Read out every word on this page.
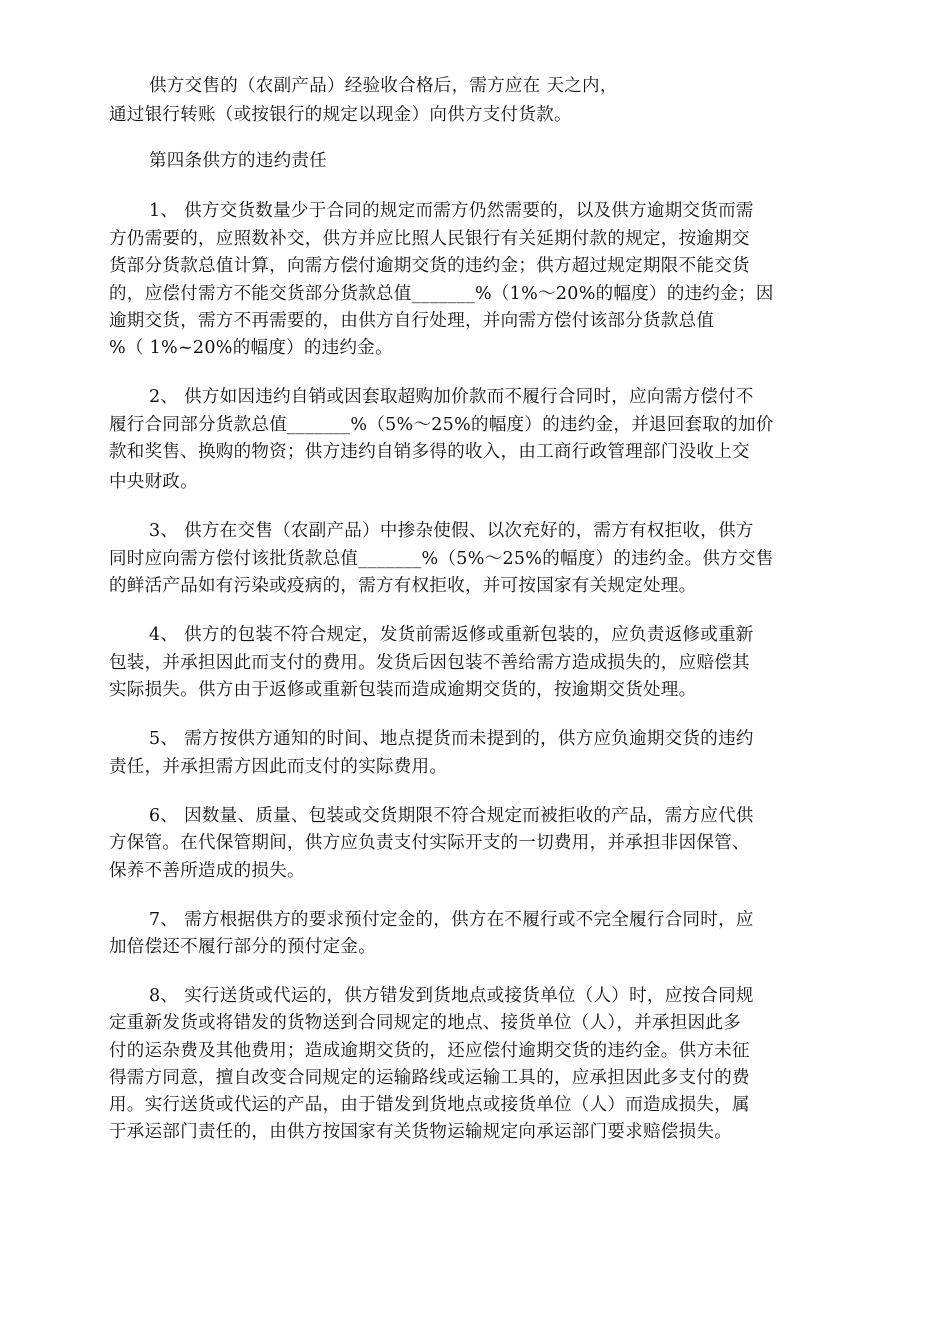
供方交售的（农副产品）经验收合格后，需方应在 天之内，
通过银行转账（或按银行的规定以现金）向供方支付货款。
第四条供方的违约责任
1、 供方交货数量少于合同的规定而需方仍然需要的，以及供方逾期交货而需
方仍需要的，应照数补交，供方并应比照人民银行有关延期付款的规定，按逾期交
货部分货款总值计算，向需方偿付逾期交货的违约金；供方超过规定期限不能交货
的，应偿付需方不能交货部分货款总值_______%（1%～20%的幅度）的违约金；因
逾期交货，需方不再需要的，由供方自行处理，并向需方偿付该部分货款总值
%（ 1%~20%的幅度）的违约金。
2、 供方如因违约自销或因套取超购加价款而不履行合同时，应向需方偿付不
履行合同部分货款总值_______%（5%～25%的幅度）的违约金，并退回套取的加价
款和奖售、换购的物资；供方违约自销多得的收入，由工商行政管理部门没收上交
中央财政。
3、 供方在交售（农副产品）中掺杂使假、以次充好的，需方有权拒收，供方
同时应向需方偿付该批货款总值_______%（5%～25%的幅度）的违约金。供方交售
的鲜活产品如有污染或疫病的，需方有权拒收，并可按国家有关规定处理。
4、 供方的包装不符合规定，发货前需返修或重新包装的，应负责返修或重新
包装，并承担因此而支付的费用。发货后因包装不善给需方造成损失的，应赔偿其
实际损失。供方由于返修或重新包装而造成逾期交货的，按逾期交货处理。
5、 需方按供方通知的时间、地点提货而未提到的，供方应负逾期交货的违约
责任，并承担需方因此而支付的实际费用。
6、 因数量、质量、包装或交货期限不符合规定而被拒收的产品，需方应代供
方保管。在代保管期间，供方应负责支付实际开支的一切费用，并承担非因保管、
保养不善所造成的损失。
7、 需方根据供方的要求预付定金的，供方在不履行或不完全履行合同时，应
加倍偿还不履行部分的预付定金。
8、 实行送货或代运的，供方错发到货地点或接货单位（人）时，应按合同规
定重新发货或将错发的货物送到合同规定的地点、接货单位（人），并承担因此多
付的运杂费及其他费用；造成逾期交货的，还应偿付逾期交货的违约金。供方未征
得需方同意，擅自改变合同规定的运输路线或运输工具的，应承担因此多支付的费
用。实行送货或代运的产品，由于错发到货地点或接货单位（人）而造成损失，属
于承运部门责任的，由供方按国家有关货物运输规定向承运部门要求赔偿损失。
